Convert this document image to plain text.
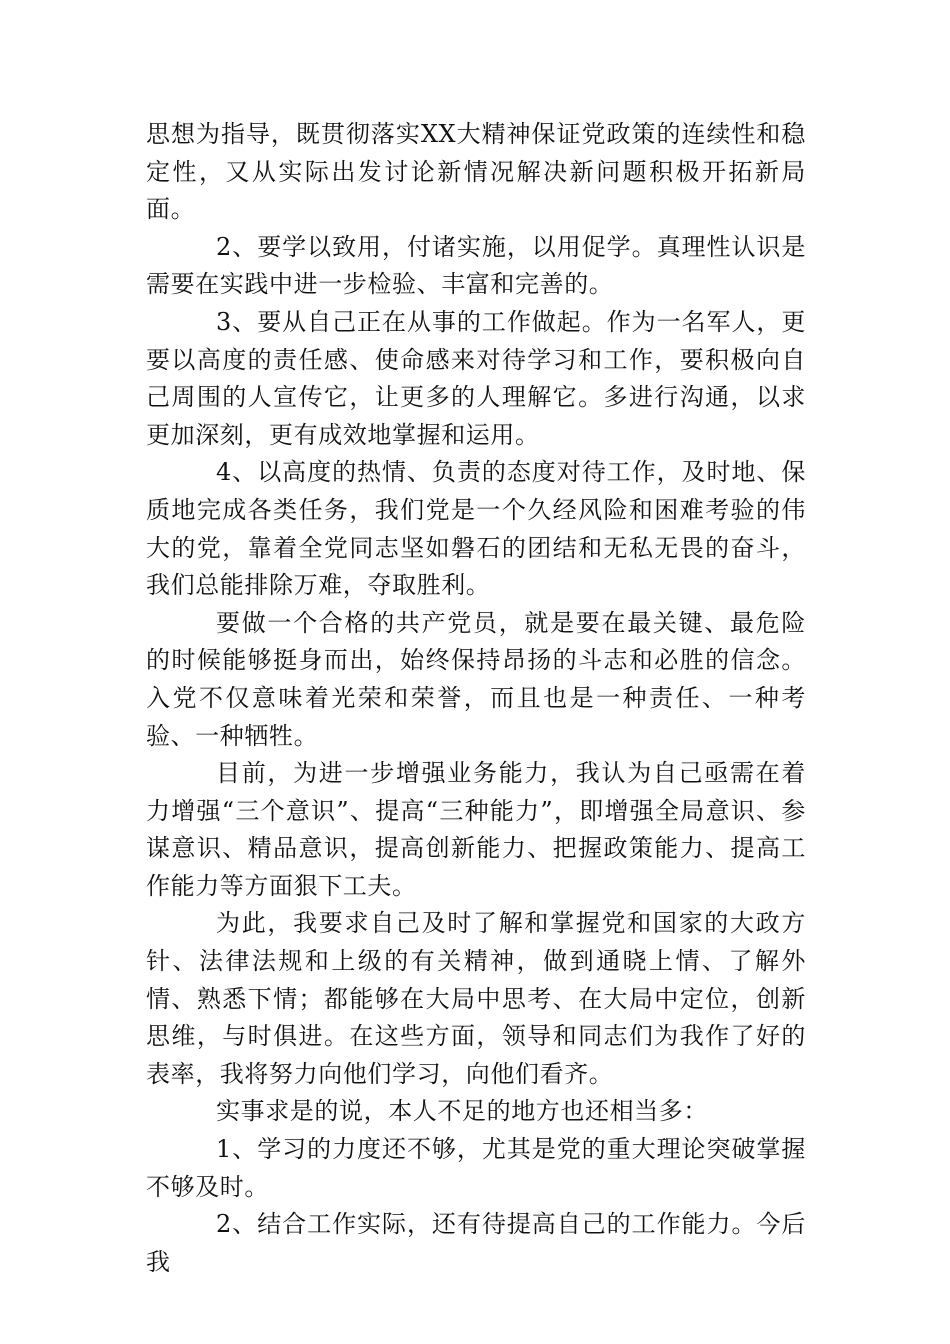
思想为指导，既贯彻落实XX大精神保证党政策的连续性和稳定性，又从实际出发讨论新情况解决新问题积极开拓新局面。

2、要学以致用，付诸实施，以用促学。真理性认识是需要在实践中进一步检验、丰富和完善的。

3、要从自己正在从事的工作做起。作为一名军人，更要以高度的责任感、使命感来对待学习和工作，要积极向自己周围的人宣传它，让更多的人理解它。多进行沟通，以求更加深刻，更有成效地掌握和运用。

4、以高度的热情、负责的态度对待工作，及时地、保质地完成各类任务，我们党是一个久经风险和困难考验的伟大的党，靠着全党同志坚如磐石的团结和无私无畏的奋斗，我们总能排除万难，夺取胜利。

要做一个合格的共产党员，就是要在最关键、最危险的时候能够挺身而出，始终保持昂扬的斗志和必胜的信念。入党不仅意味着光荣和荣誉，而且也是一种责任、一种考验、一种牺牲。

目前，为进一步增强业务能力，我认为自己亟需在着力增强“三个意识”、提高“三种能力”，即增强全局意识、参谋意识、精品意识，提高创新能力、把握政策能力、提高工作能力等方面狠下工夫。

为此，我要求自己及时了解和掌握党和国家的大政方针、法律法规和上级的有关精神，做到通晓上情、了解外情、熟悉下情；都能够在大局中思考、在大局中定位，创新思维，与时俱进。在这些方面，领导和同志们为我作了好的表率，我将努力向他们学习，向他们看齐。

实事求是的说，本人不足的地方也还相当多：

1、学习的力度还不够，尤其是党的重大理论突破掌握不够及时。

2、结合工作实际，还有待提高自己的工作能力。今后我
